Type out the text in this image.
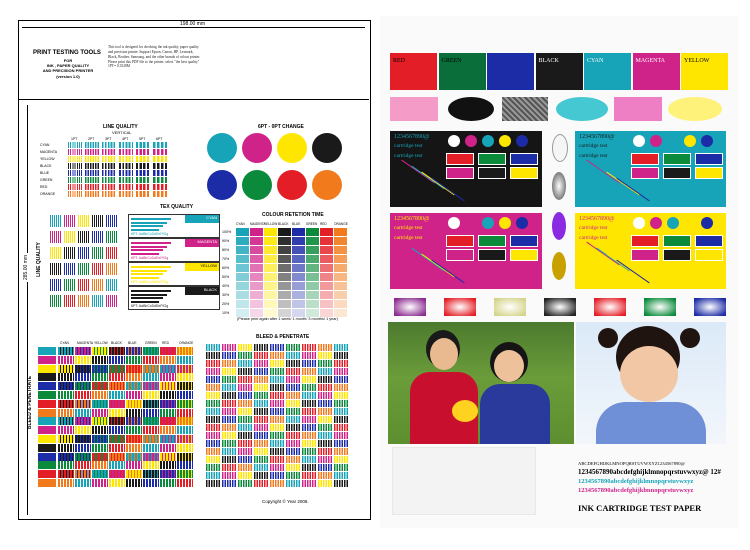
198.00 mm
285.00 mm
PRINT TESTING TOOLS
FOR
INK , PAPER QUALITY
AND PRECISION PRINTER
(version 1.0)
This tool is designed for checking the ink quality, paper quality and precision printer. Support Epson, Canon, HP, Lexmark, Black, Brother, Samsung, and the other brands of colour printer. Please print this PDF file to the printer, select "the best quality" 1PT= 0.3528M
LINE QUALITY
VERTICAL
1PT	2PT	3PT	4PT	5PT	6PT
CYAN
MAGENTA
YELLOW
BLACK
BLUE
GREEN
RED
ORANGE
6PT - 0PT CHANGE
TEX QUALITY
CYAN
6PT: AaBbCcDdEeFfGg
MAGENTA
6PT: AaBbCcDdEeFfGg
YELLOW
6PT: AaBbCcDdEeFfGg
BLACK
6PT: AaBbCcDdEeFfGg
LINE QUALITY
COLOUR RETETION TIME
CYAN MAGENTA
YELLOW BLACK BLUE GREEN RED ORANGE
100%
90%
80%
70%
60%
50%
40%
30%
20%
10%
(Please print again after 1 week/ 1 month/ 3 months/ 1 year)
CYAN MAGENTA YELLOW BLACK BLUE	GREEN RED	ORANGE
BLEED & PENETRATE
BLEED & PENETRATE
Copyright © Year 2008.
RED	GREEN	BLUE	BLACK	CYAN	MAGENTA	YELLOW
1234567890@
cartridge test
cartridge test
1234567890@
cartridge test
cartridge test
1234567890@
cartridge test
cartridge test
1234567890@
cartridge test
cartridge test
ABCDEFGHIJKLMNOPQRSTUVWXYZ1234567890@
1234567890abcdefghijklmnopqrstuvwxyz@ 12#
1234567890abcdefghijklmnopqrstuvwxyz
1234567890abcdefghijklmnopqrstuvwxyz
INK CARTRIDGE TEST PAPER
